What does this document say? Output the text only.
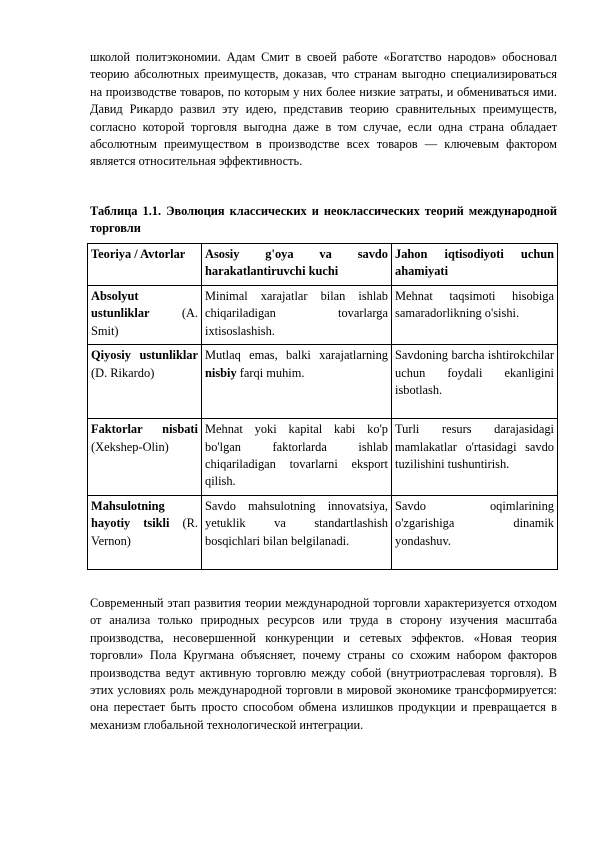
школой политэкономии. Адам Смит в своей работе «Богатство народов» обосновал теорию абсолютных преимуществ, доказав, что странам выгодно специализироваться на производстве товаров, по которым у них более низкие затраты, и обмениваться ими. Давид Рикардо развил эту идею, представив теорию сравнительных преимуществ, согласно которой торговля выгодна даже в том случае, если одна страна обладает абсолютным преимуществом в производстве всех товаров — ключевым фактором является относительная эффективность.

Таблица 1.1. Эволюция классических и неоклассических теорий международной торговли

Teoriya / Avtorlar	Asosiy g'oya va savdo harakatlantiruvchi kuchi	Jahon iqtisodiyoti uchun ahamiyati
Absolyut ustunliklar (A. Smit)	Minimal xarajatlar bilan ishlab chiqariladigan tovarlarga ixtisoslashish.	Mehnat taqsimoti hisobiga samaradorlikning o'sishi.
Qiyosiy ustunliklar (D. Rikardo)	Mutlaq emas, balki xarajatlarning nisbiy farqi muhim.	Savdoning barcha ishtirokchilar uchun foydali ekanligini isbotlash.
Faktorlar nisbati (Xekshep-Olin)	Mehnat yoki kapital kabi ko'p bo'lgan faktorlarda ishlab chiqariladigan tovarlarni eksport qilish.	Turli resurs darajasidagi mamlakatlar o'rtasidagi savdo tuzilishini tushuntirish.
Mahsulotning hayotiy tsikli (R. Vernon)	Savdo mahsulotning innovatsiya, yetuklik va standartlashish bosqichlari bilan belgilanadi.	Savdo oqimlarining o'zgarishiga dinamik yondashuv.

Современный этап развития теории международной торговли характеризуется отходом от анализа только природных ресурсов или труда в сторону изучения масштаба производства, несовершенной конкуренции и сетевых эффектов. «Новая теория торговли» Пола Кругмана объясняет, почему страны со схожим набором факторов производства ведут активную торговлю между собой (внутриотраслевая торговля). В этих условиях роль международной торговли в мировой экономике трансформируется: она перестает быть просто способом обмена излишков продукции и превращается в механизм глобальной технологической интеграции.
